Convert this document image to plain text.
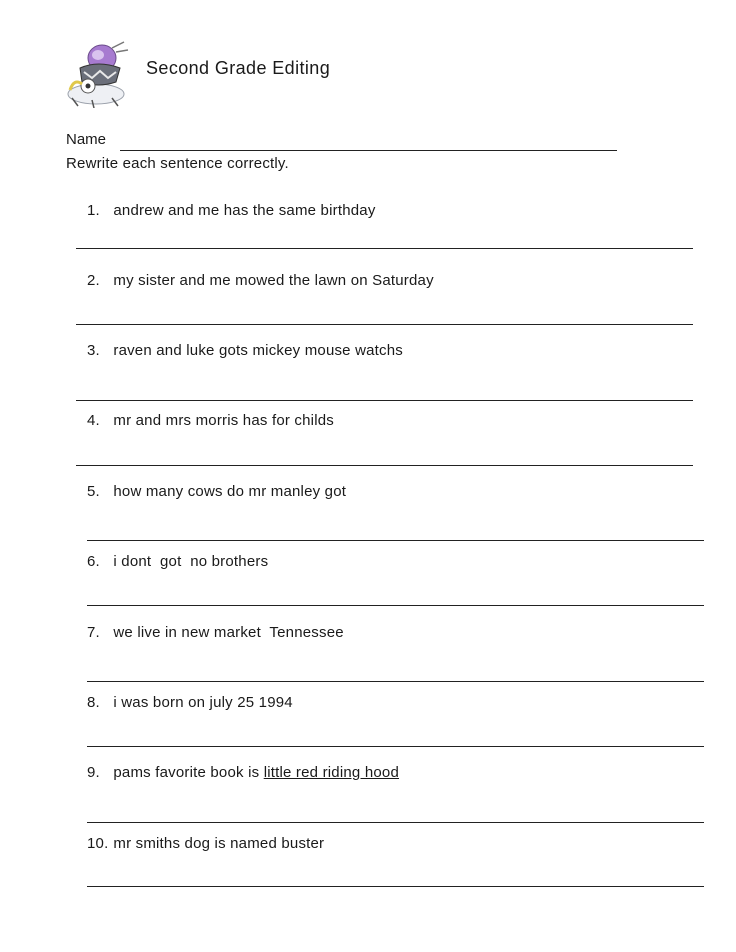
Second Grade Editing
Name
Rewrite each sentence correctly.
1. andrew and me has the same birthday
2. my sister and me mowed the lawn on Saturday
3. raven and luke gots mickey mouse watchs
4. mr and mrs morris has for childs
5. how many cows do mr manley got
6. i dont  got  no brothers
7. we live in new market  Tennessee
8. i was born on july 25 1994
9. pams favorite book is little red riding hood
10. mr smiths dog is named buster
